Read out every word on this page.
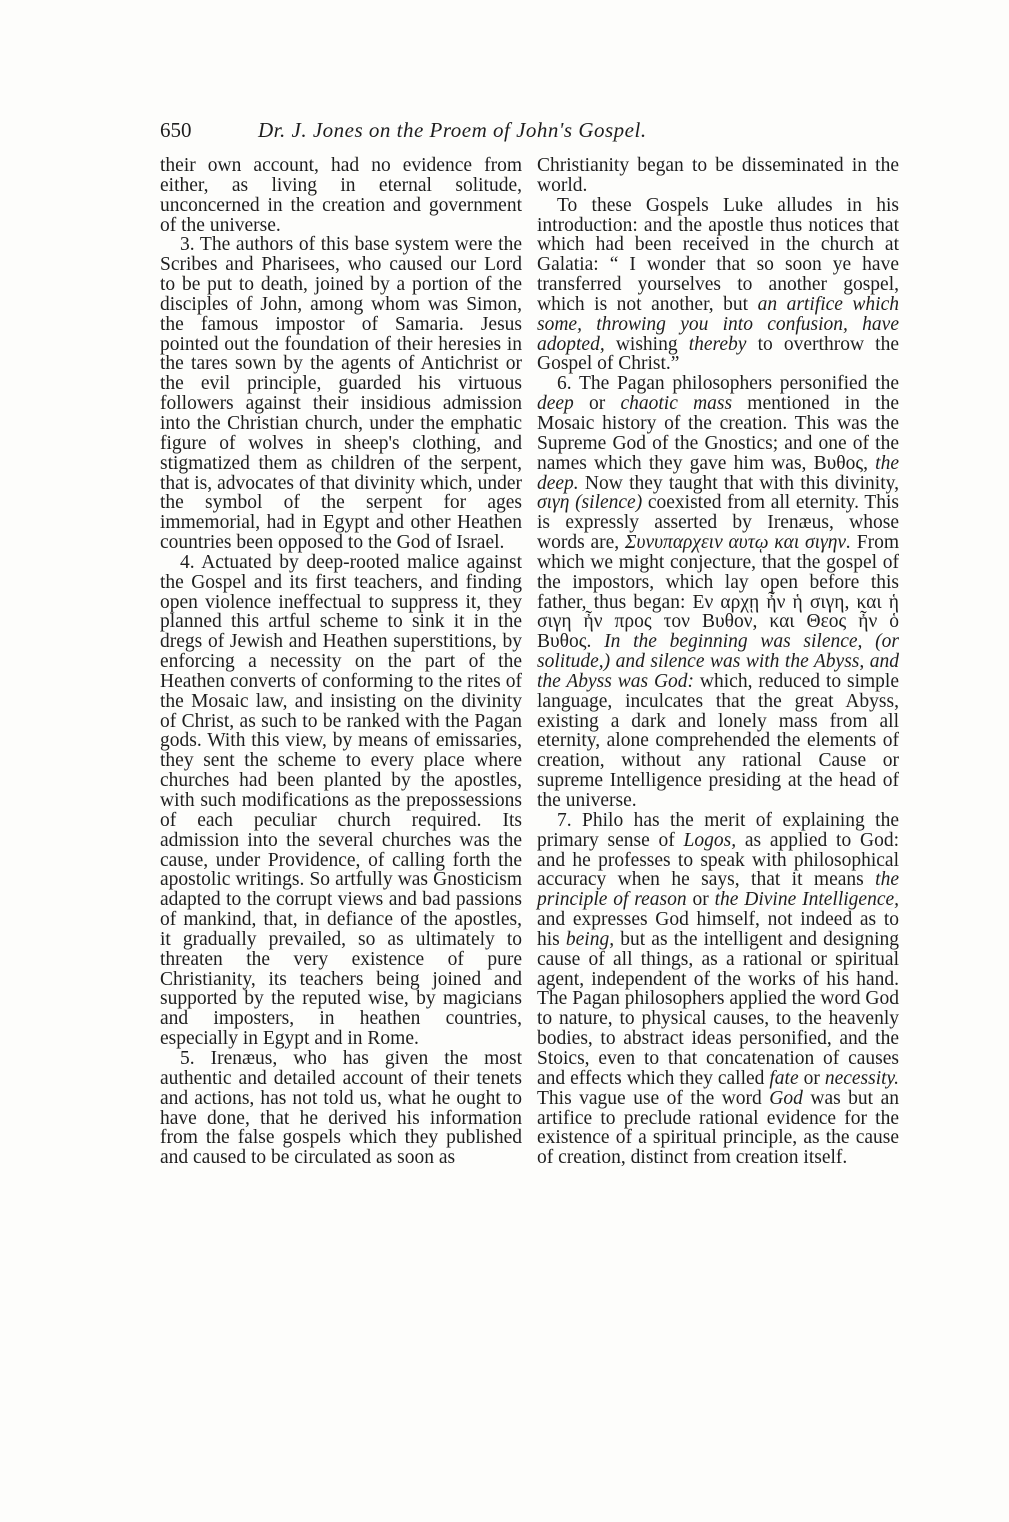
650	Dr. J. Jones on the Proem of John's Gospel.

their own account, had no evidence from either, as living in eternal solitude, unconcerned in the creation and government of the universe.

3. The authors of this base system were the Scribes and Pharisees, who caused our Lord to be put to death, joined by a portion of the disciples of John, among whom was Simon, the famous impostor of Samaria. Jesus pointed out the foundation of their heresies in the tares sown by the agents of Antichrist or the evil principle, guarded his virtuous followers against their insidious admission into the Christian church, under the emphatic figure of wolves in sheep's clothing, and stigmatized them as children of the serpent, that is, advocates of that divinity which, under the symbol of the serpent for ages immemorial, had in Egypt and other Heathen countries been opposed to the God of Israel.

4. Actuated by deep-rooted malice against the Gospel and its first teachers, and finding open violence ineffectual to suppress it, they planned this artful scheme to sink it in the dregs of Jewish and Heathen superstitions, by enforcing a necessity on the part of the Heathen converts of conforming to the rites of the Mosaic law, and insisting on the divinity of Christ, as such to be ranked with the Pagan gods. With this view, by means of emissaries, they sent the scheme to every place where churches had been planted by the apostles, with such modifications as the prepossessions of each peculiar church required. Its admission into the several churches was the cause, under Providence, of calling forth the apostolic writings. So artfully was Gnosticism adapted to the corrupt views and bad passions of mankind, that, in defiance of the apostles, it gradually prevailed, so as ultimately to threaten the very existence of pure Christianity, its teachers being joined and supported by the reputed wise, by magicians and imposters, in heathen countries, especially in Egypt and in Rome.

5. Irenæus, who has given the most authentic and detailed account of their tenets and actions, has not told us, what he ought to have done, that he derived his information from the false gospels which they published and caused to be circulated as soon as

Christianity began to be disseminated in the world.

To these Gospels Luke alludes in his introduction: and the apostle thus notices that which had been received in the church at Galatia: “ I wonder that so soon ye have transferred yourselves to another gospel, which is not another, but an artifice which some, throwing you into confusion, have adopted, wishing thereby to overthrow the Gospel of Christ.”

6. The Pagan philosophers personified the deep or chaotic mass mentioned in the Mosaic history of the creation. This was the Supreme God of the Gnostics; and one of the names which they gave him was, Βυθος, the deep. Now they taught that with this divinity, σιγη (silence) coexisted from all eternity. This is expressly asserted by Irenæus, whose words are, Συνυπαρχειν αυτῳ και σιγην. From which we might conjecture, that the gospel of the impostors, which lay open before this father, thus began: Εν αρχῃ ἦν ἡ σιγη, και ἡ σιγη ἦν προς τον Βυθον, και Θεος ἦν ὁ Βυθος. In the beginning was silence, (or solitude,) and silence was with the Abyss, and the Abyss was God: which, reduced to simple language, inculcates that the great Abyss, existing a dark and lonely mass from all eternity, alone comprehended the elements of creation, without any rational Cause or supreme Intelligence presiding at the head of the universe.

7. Philo has the merit of explaining the primary sense of Logos, as applied to God: and he professes to speak with philosophical accuracy when he says, that it means the principle of reason or the Divine Intelligence, and expresses God himself, not indeed as to his being, but as the intelligent and designing cause of all things, as a rational or spiritual agent, independent of the works of his hand. The Pagan philosophers applied the word God to nature, to physical causes, to the heavenly bodies, to abstract ideas personified, and the Stoics, even to that concatenation of causes and effects which they called fate or necessity. This vague use of the word God was but an artifice to preclude rational evidence for the existence of a spiritual principle, as the cause of creation, distinct from creation itself.
